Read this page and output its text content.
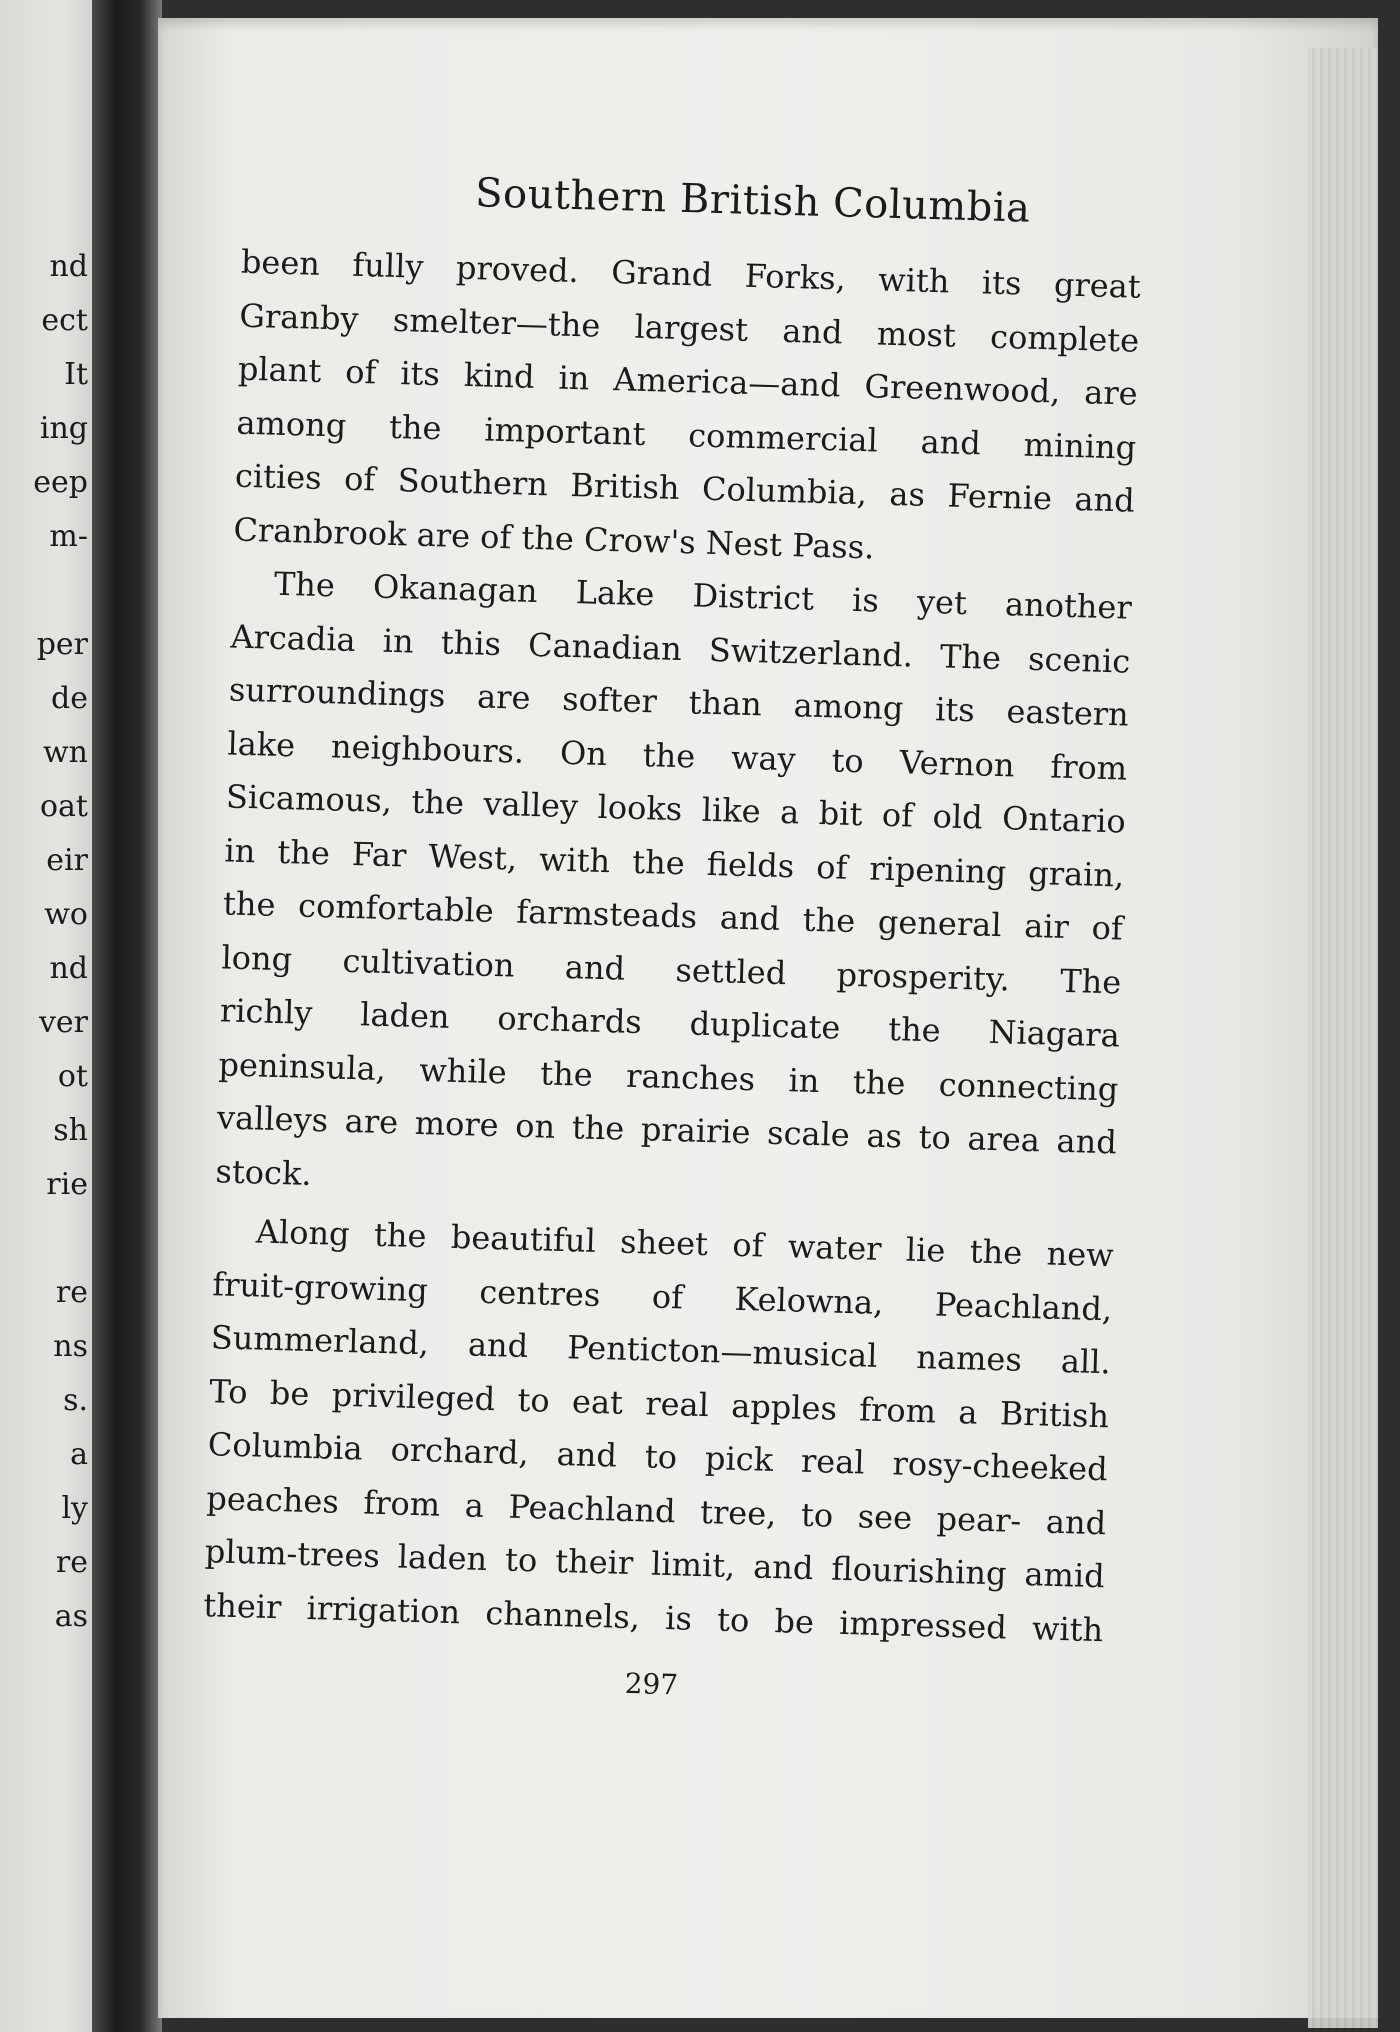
nd
ect
It
ing
eep
m-
per
de
wn
oat
eir
wo
nd
ver
ot
sh
rie
re
ns
s.
a
ly
re
as
Southern British Columbia
been fully proved. Grand Forks, with its great
Granby smelter—the largest and most complete
plant of its kind in America—and Greenwood, are
among the important commercial and mining
cities of Southern British Columbia, as Fernie and
Cranbrook are of the Crow's Nest Pass.
The Okanagan Lake District is yet another
Arcadia in this Canadian Switzerland. The scenic
surroundings are softer than among its eastern
lake neighbours. On the way to Vernon from
Sicamous, the valley looks like a bit of old Ontario
in the Far West, with the fields of ripening grain,
the comfortable farmsteads and the general air of
long cultivation and settled prosperity. The
richly laden orchards duplicate the Niagara
peninsula, while the ranches in the connecting
valleys are more on the prairie scale as to area and
stock.
Along the beautiful sheet of water lie the new
fruit-growing centres of Kelowna, Peachland,
Summerland, and Penticton—musical names all.
To be privileged to eat real apples from a British
Columbia orchard, and to pick real rosy-cheeked
peaches from a Peachland tree, to see pear- and
plum-trees laden to their limit, and flourishing amid
their irrigation channels, is to be impressed with
297
